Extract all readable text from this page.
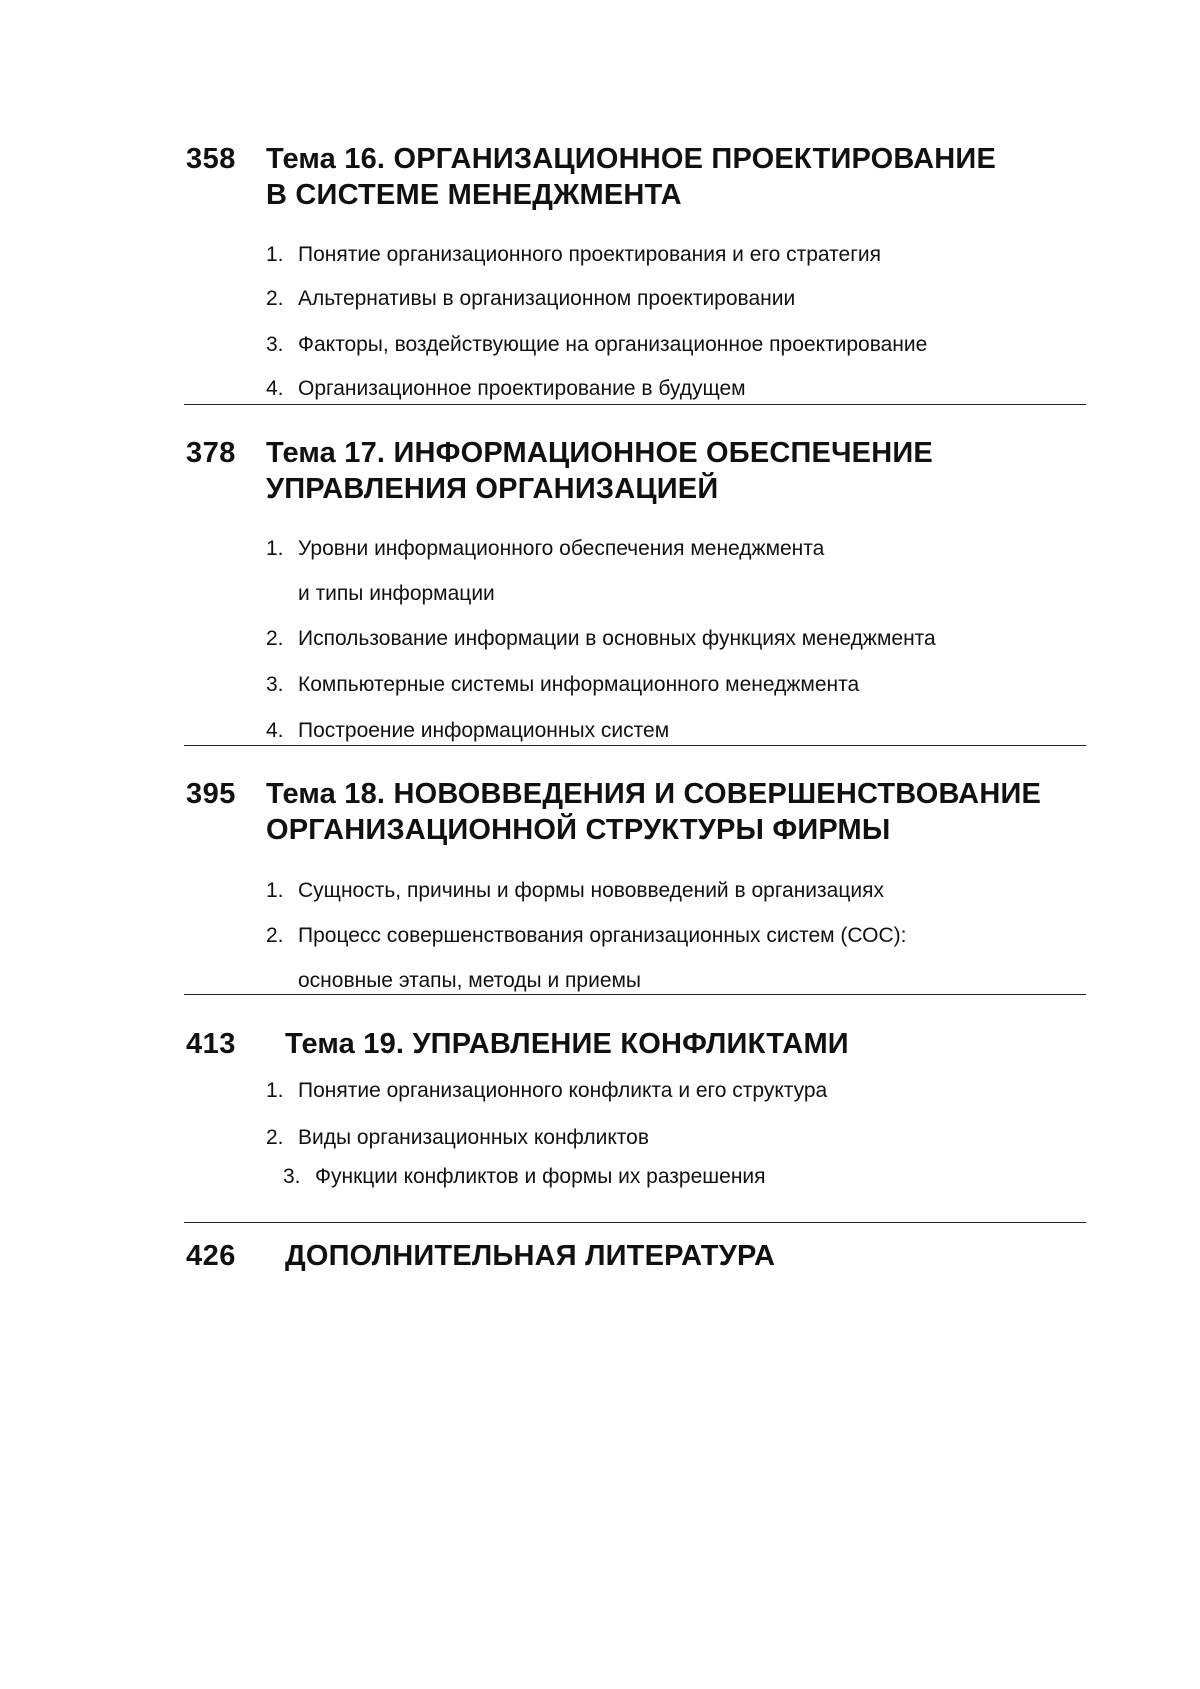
358 Тема 16. ОРГАНИЗАЦИОННОЕ ПРОЕКТИРОВАНИЕ
В СИСТЕМЕ МЕНЕДЖМЕНТА
1. Понятие организационного проектирования и его стратегия
2. Альтернативы в организационном проектировании
3. Факторы, воздействующие на организационное проектирование
4. Организационное проектирование в будущем
378 Тема 17. ИНФОРМАЦИОННОЕ ОБЕСПЕЧЕНИЕ
УПРАВЛЕНИЯ ОРГАНИЗАЦИЕЙ
1. Уровни информационного обеспечения менеджмента
и типы информации
2. Использование информации в основных функциях менеджмента
3. Компьютерные системы информационного менеджмента
4. Построение информационных систем
395 Тема 18. НОВОВВЕДЕНИЯ И СОВЕРШЕНСТВОВАНИЕ
ОРГАНИЗАЦИОННОЙ СТРУКТУРЫ ФИРМЫ
1. Сущность, причины и формы нововведений в организациях
2. Процесс совершенствования организационных систем (СОС):
основные этапы, методы и приемы
413 Тема 19. УПРАВЛЕНИЕ КОНФЛИКТАМИ
1. Понятие организационного конфликта и его структура
2. Виды организационных конфликтов
3. Функции конфликтов и формы их разрешения
426 ДОПОЛНИТЕЛЬНАЯ ЛИТЕРАТУРА
